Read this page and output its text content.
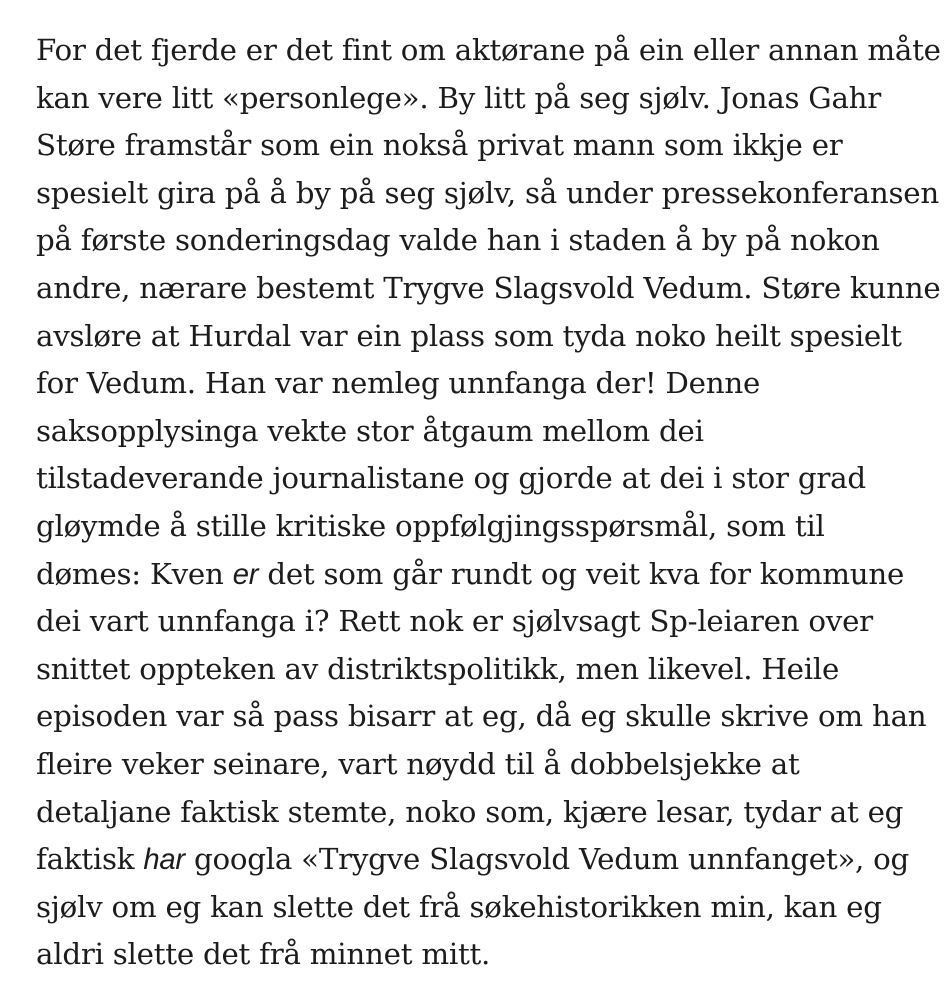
For det fjerde er det fint om aktørane på ein eller annan måte
kan vere litt «personlege». By litt på seg sjølv. Jonas Gahr
Støre framstår som ein nokså privat mann som ikkje er
spesielt gira på å by på seg sjølv, så under pressekonferansen
på første sonderingsdag valde han i staden å by på nokon
andre, nærare bestemt Trygve Slagsvold Vedum. Støre kunne
avsløre at Hurdal var ein plass som tyda noko heilt spesielt
for Vedum. Han var nemleg unnfanga der! Denne
saksopplysinga vekte stor åtgaum mellom dei
tilstadeverande journalistane og gjorde at dei i stor grad
gløymde å stille kritiske oppfølgjingsspørsmål, som til
dømes: Kven er det som går rundt og veit kva for kommune
dei vart unnfanga i? Rett nok er sjølvsagt Sp-leiaren over
snittet oppteken av distriktspolitikk, men likevel. Heile
episoden var så pass bisarr at eg, då eg skulle skrive om han
fleire veker seinare, vart nøydd til å dobbelsjekke at
detaljane faktisk stemte, noko som, kjære lesar, tydar at eg
faktisk har googla «Trygve Slagsvold Vedum unnfanget», og
sjølv om eg kan slette det frå søkehistorikken min, kan eg
aldri slette det frå minnet mitt.
